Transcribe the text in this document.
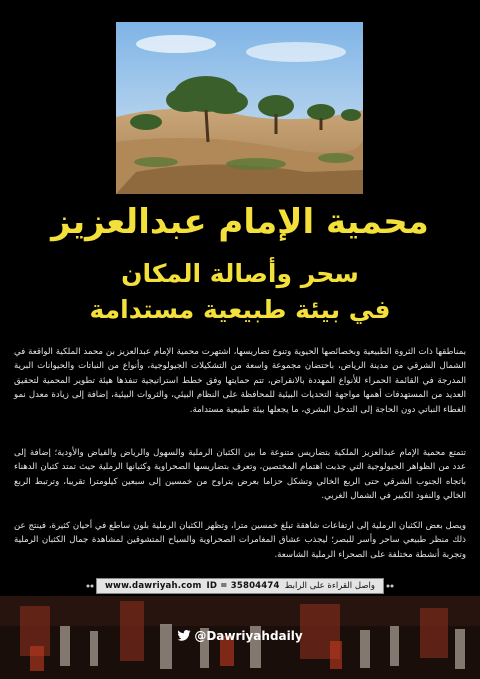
محمية الإمام عبدالعزيز
سحر وأصالة المكان
في بيئة طبيعية مستدامة
بمناطقها ذات الثروة الطبيعية وبخصائصها الحيوية وتنوع تضاريسها، اشتهرت محمية الإمام عبدالعزيز بن محمد الملكية الواقعة في الشمال الشرقي من مدينة الرياض، باحتضان مجموعة واسعة من التشكيلات الجيولوجية، وأنواع من النباتات والحيوانات البرية المدرجة في القائمة الحمراء للأنواع المهددة بالانقراض، تتم حمايتها وفق خطط استراتيجية تنفذها هيئة تطوير المحمية لتحقيق العديد من المستهدفات أهمها مواجهة التحديات البيئية للمحافظة على النظام البيئي، والثروات البيئية، إضافة إلى زيادة معدل نمو الغطاء النباتي دون الحاجة إلى التدخل البشري، ما يجعلها بيئة طبيعية مستدامة.
تتمتع محمية الإمام عبدالعزيز الملكية بتضاريس متنوعة ما بين الكثبان الرملية والسهول والرياض والفياض والأودية؛ إضافة إلى عدد من الظواهر الجيولوجية التي جذبت اهتمام المختصين، وتعرف بتضاريسها الصحراوية وكثبانها الرملية حيث تمتد كثبان الدهناء باتجاه الجنوب الشرقي حتى الربع الخالي وتشكل حزاما بعرض يتراوح من خمسين إلى سبعين كيلومترا تقريبا، وترتبط الربع الخالي والنفود الكبير في الشمال الغربي.
ويصل بعض الكثبان الرملية إلى ارتفاعات شاهقة تبلغ خمسين مترا، وتظهر الكثبان الرملية بلون ساطع في أحيان كثيرة، فينتج عن ذلك منظر طبيعي ساحر وأسر للبصر؛ ليجذب عشاق المغامرات الصحراوية والسياح المتشوقين لمشاهدة جمال الكثبان الرملية وتجربة أنشطة مختلفة على الصحراء الرملية الشاسعة.
www.dawriyah.com ID = 35804474 واصل القراءة على الرابط
@Dawriyahdaily
